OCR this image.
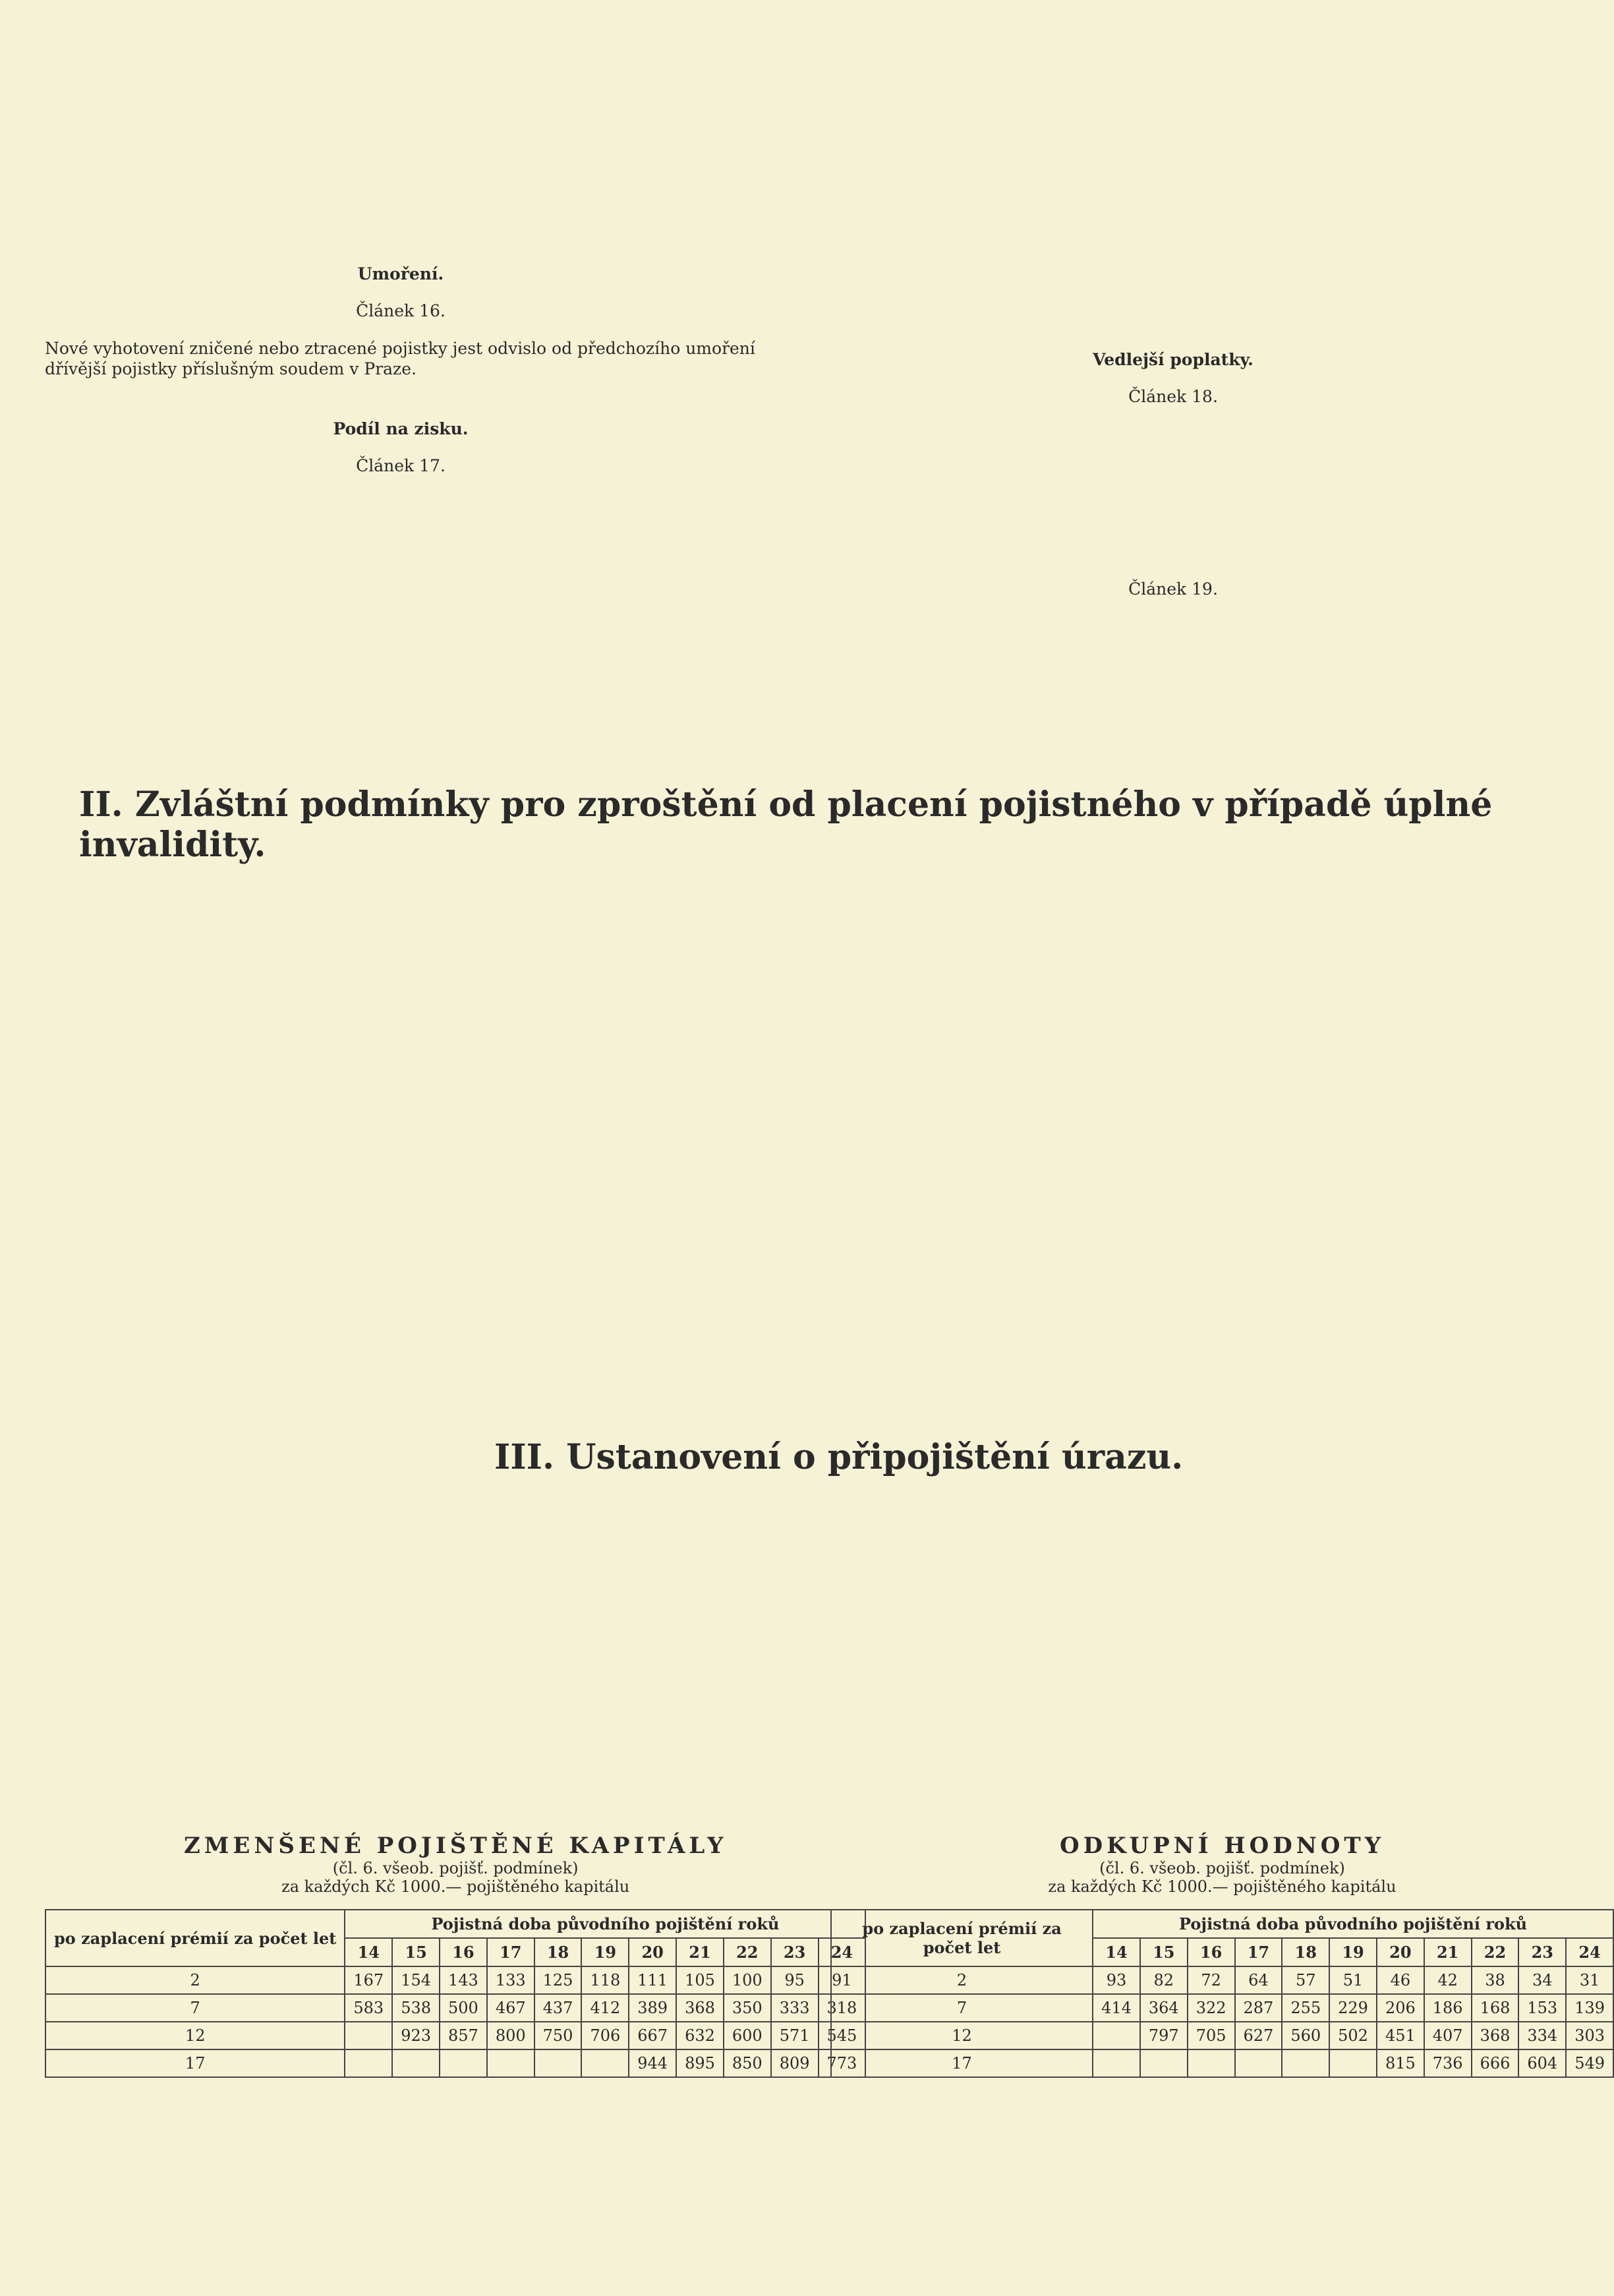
Umoření.

Článek 16.

Nové vyhotovení zničené nebo ztracené pojistky jest odvislo od předchozího umoření dřívější pojistky příslušným soudem v Praze.

Podíl na zisku.

Článek 17.

Vedlejší poplatky.

Článek 18.

Článek 19.

II. Zvláštní podmínky pro zproštění od placení pojistného v případě úplné invalidity.
III. Ustanovení o připojištění úrazu.
ZMENŠENÉ POJIŠTĚNÉ KAPITÁLY
(čl. 6. všeob. pojišť. podmínek)
za každých Kč 1000.— pojištěného kapitálu
po zaplacení prémií za počet let	Pojistná doba původního pojištění roků										
	14	15	16	17	18	19	20	21	22	23	24
2	167	154	143	133	125	118	111	105	100	95	91
7	583	538	500	467	437	412	389	368	350	333	318
12		923	857	800	750	706	667	632	600	571	545
17							944	895	850	809	773
ODKUPNÍ HODNOTY
(čl. 6. všeob. pojišť. podmínek)
za každých Kč 1000.— pojištěného kapitálu
po zaplacení prémií za počet let	Pojistná doba původního pojištění roků										
	14	15	16	17	18	19	20	21	22	23	24
2	93	82	72	64	57	51	46	42	38	34	31
7	414	364	322	287	255	229	206	186	168	153	139
12		797	705	627	560	502	451	407	368	334	303
17							815	736	666	604	549
